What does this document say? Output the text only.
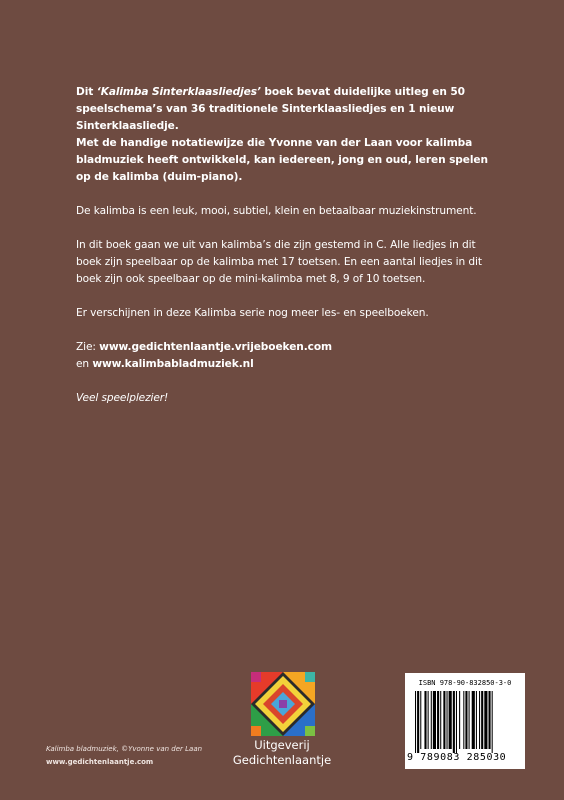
Dit ‘Kalimba Sinterklaasliedjes’ boek bevat duidelijke uitleg en 50 speelschema’s van 36 traditionele Sinterklaasliedjes en 1 nieuw Sinterklaasliedje.

Met de handige notatiewijze die Yvonne van der Laan voor kalimba bladmuziek heeft ontwikkeld, kan iedereen, jong en oud, leren spelen op de kalimba (duim-piano).

De kalimba is een leuk, mooi, subtiel, klein en betaalbaar muziekinstrument.

In dit boek gaan we uit van kalimba’s die zijn gestemd in C. Alle liedjes in dit boek zijn speelbaar op de kalimba met 17 toetsen. En een aantal liedjes in dit boek zijn ook speelbaar op de mini-kalimba met 8, 9 of 10 toetsen.

Er verschijnen in deze Kalimba serie nog meer les- en speelboeken.

Zie: www.gedichtenlaantje.vrijeboeken.com

en www.kalimbabladmuziek.nl

Veel speelplezier!

Kalimba bladmuziek, ©Yvonne van der Laan
www.gedichtenlaantje.com
Uitgeverij
Gedichtenlaantje
ISBN 978-90-832850-3-0
9 789083 285030
